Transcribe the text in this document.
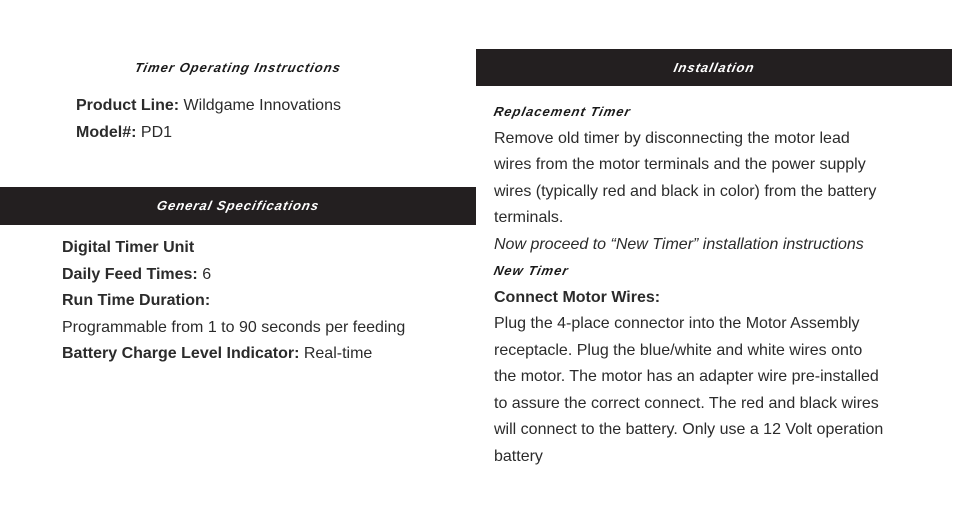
Timer Operating Instructions
Product Line: Wildgame Innovations
Model#: PD1
General Specifications
Digital Timer Unit
Daily Feed Times: 6
Run Time Duration:
Programmable from 1 to 90 seconds per feeding
Battery Charge Level Indicator: Real-time
Installation
Replacement Timer
Remove old timer by disconnecting the motor lead
wires from the motor terminals and the power supply
wires (typically red and black in color) from the battery
terminals.
Now proceed to “New Timer” installation instructions
New Timer
Connect Motor Wires:
Plug the 4-place connector into the Motor Assembly
receptacle. Plug the blue/white and white wires onto
the motor. The motor has an adapter wire pre-installed
to assure the correct connect. The red and black wires
will connect to the battery. Only use a 12 Volt operation
battery
